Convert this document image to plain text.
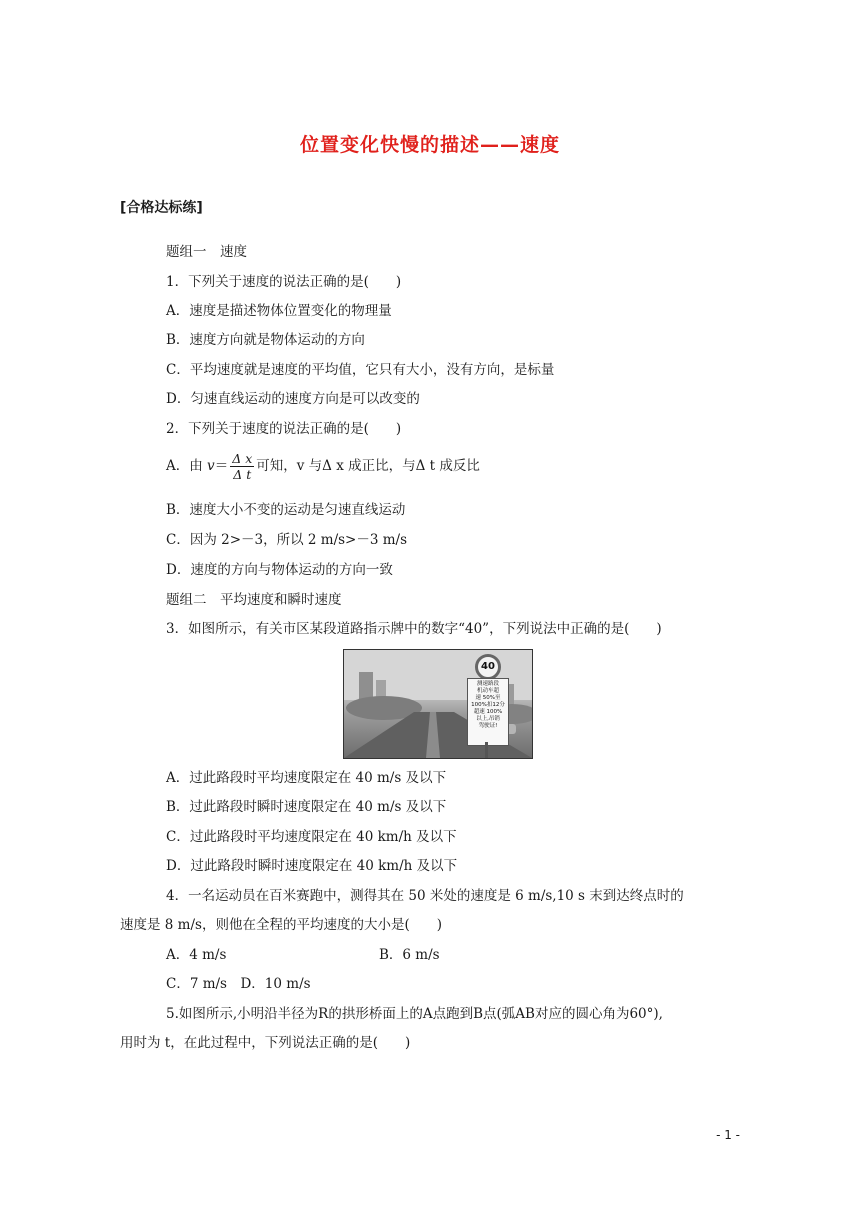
位置变化快慢的描述——速度
[合格达标练]
题组一　速度
1．下列关于速度的说法正确的是(　　)
A．速度是描述物体位置变化的物理量
B．速度方向就是物体运动的方向
C．平均速度就是速度的平均值，它只有大小，没有方向，是标量
D．匀速直线运动的速度方向是可以改变的
2．下列关于速度的说法正确的是(　　)
A．由 $v= \frac{\text{Δ x}}{\text{Δ t}}$ 可知，v 与Δ x 成正比，与Δ t 成反比
B．速度大小不变的运动是匀速直线运动
C．因为 2>－3，所以 2 m/s>－3 m/s
D．速度的方向与物体运动的方向一致
题组二　平均速度和瞬时速度
3．如图所示，有关市区某段道路指示牌中的数字“40”，下列说法中正确的是(　　)
40
测速路段
机动车超
速 50%至
100%扣12分
超速 100%
以上,吊销
驾驶证!
A．过此路段时平均速度限定在 40 m/s 及以下
B．过此路段时瞬时速度限定在 40 m/s 及以下
C．过此路段时平均速度限定在 40 km/h 及以下
D．过此路段时瞬时速度限定在 40 km/h 及以下
4．一名运动员在百米赛跑中，测得其在 50 米处的速度是 6 m/s,10 s 末到达终点时的
速度是 8 m/s，则他在全程的平均速度的大小是(　　)
A．4 m/s	B．6 m/s
C．7 m/s　D．10 m/s
5.如图所示,小明沿半径为R的拱形桥面上的A点跑到B点(弧AB对应的圆心角为60°),
用时为 t，在此过程中，下列说法正确的是(　　)
- 1 -
